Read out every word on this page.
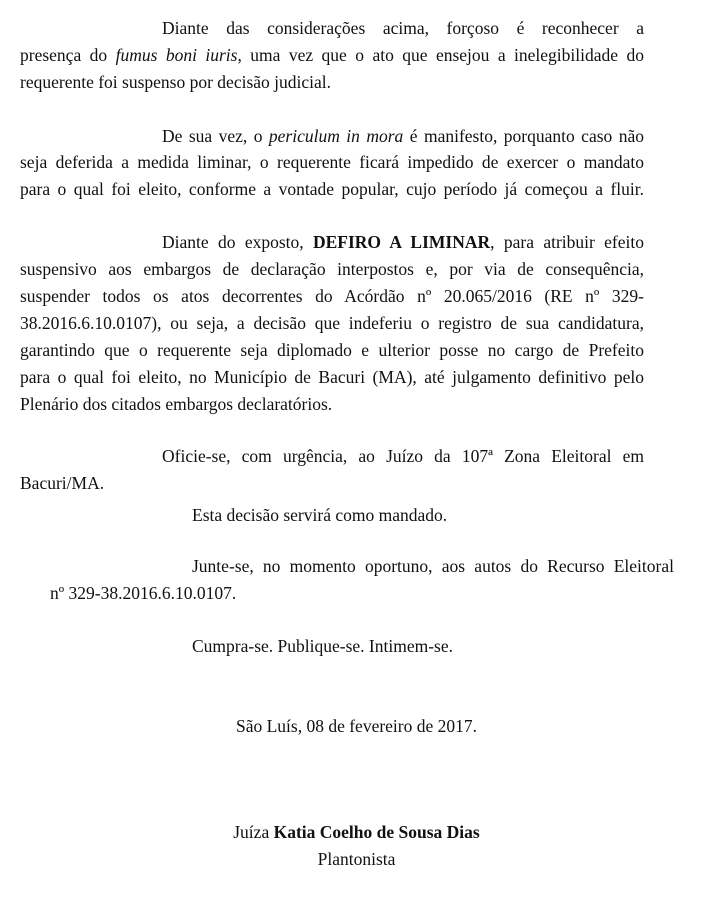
Diante das considerações acima, forçoso é reconhecer a
presença do fumus boni iuris, uma vez que o ato que ensejou a inelegibilidade do
requerente foi suspenso por decisão judicial.
De sua vez, o periculum in mora é manifesto, porquanto caso não
seja deferida a medida liminar, o requerente ficará impedido de exercer o mandato
para o qual foi eleito, conforme a vontade popular, cujo período já começou a fluir.
Diante do exposto, DEFIRO A LIMINAR, para atribuir efeito
suspensivo aos embargos de declaração interpostos e, por via de consequência,
suspender todos os atos decorrentes do Acórdão nº 20.065/2016 (RE nº 329-
38.2016.6.10.0107), ou seja, a decisão que indeferiu o registro de sua candidatura,
garantindo que o requerente seja diplomado e ulterior posse no cargo de Prefeito
para o qual foi eleito, no Município de Bacuri (MA), até julgamento definitivo pelo
Plenário dos citados embargos declaratórios.
Oficie-se, com urgência, ao Juízo da 107ª Zona Eleitoral em
Bacuri/MA.
Esta decisão servirá como mandado.
Junte-se, no momento oportuno, aos autos do Recurso Eleitoral
nº 329-38.2016.6.10.0107.
Cumpra-se. Publique-se. Intimem-se.
São Luís, 08 de fevereiro de 2017.
Juíza Katia Coelho de Sousa Dias
Plantonista
